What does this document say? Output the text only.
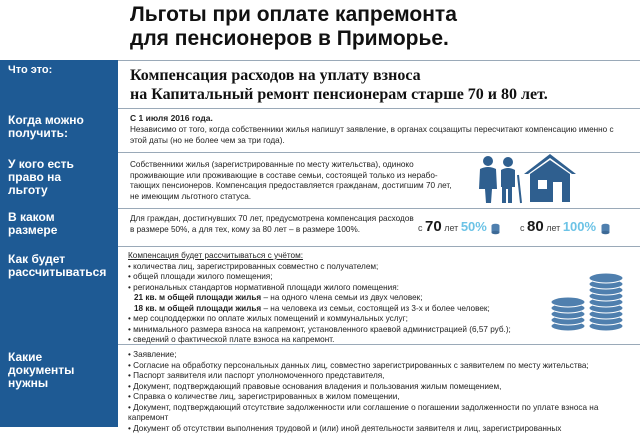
Льготы при оплате капремонта
для пенсионеров в Приморье.
Что это:
Когда можно получить:
У кого есть право на льготу
В каком размере
Как будет рассчитываться
Какие документы нужны
Компенсация расходов на уплату взноса
на Капитальный ремонт пенсионерам старше 70 и 80 лет.
С 1 июля 2016 года.
Независимо от того, когда собственники жилья напишут заявление, в органах соцзащиты пересчитают компенсацию именно с этой даты (но не более чем за три года).
Собственники жилья (зарегистрированные по месту жительства), одиноко проживающие или проживающие в составе семьи, состоящей только из нерабо-тающих пенсионеров. Компенсация предоставляется гражданам, достигшим 70 лет, не имеющим льготного статуса.
Для граждан, достигнувших 70 лет, предусмотрена компенсация расходов в размере 50%, а для тех, кому за 80 лет – в размере 100%.	с 70 лет 50%	с 80 лет 100%
Компенсация будет рассчитываться с учётом:
• количества лиц, зарегистрированных совместно с получателем;
• общей площади жилого помещения;
• региональных стандартов нормативной площади жилого помещения:
21 кв. м общей площади жилья – на одного члена семьи из двух человек;
18 кв. м общей площади жилья – на человека из семьи, состоящей из 3-х и более человек;
• мер соцподдержки по оплате жилых помещений и коммунальных услуг;
• минимального размера взноса на капремонт, установленного краевой администрацией (6,57 руб.);
• сведений о фактической плате взноса на капремонт.
• Заявление;
• Согласие на обработку персональных данных лиц, совместно зарегистрированных с заявителем по месту жительства;
• Паспорт заявителя или паспорт уполномоченного представителя,
• Документ, подтверждающий правовые основания владения и пользования жилым помещением,
• Справка о количестве лиц, зарегистрированных в жилом помещении,
• Документ, подтверждающий отсутствие задолженности или соглашение о погашении задолженности по уплате взноса на капремонт
• Документ об отсутствии выполнения трудовой и (или) иной деятельности заявителя и лиц, зарегистрированных
